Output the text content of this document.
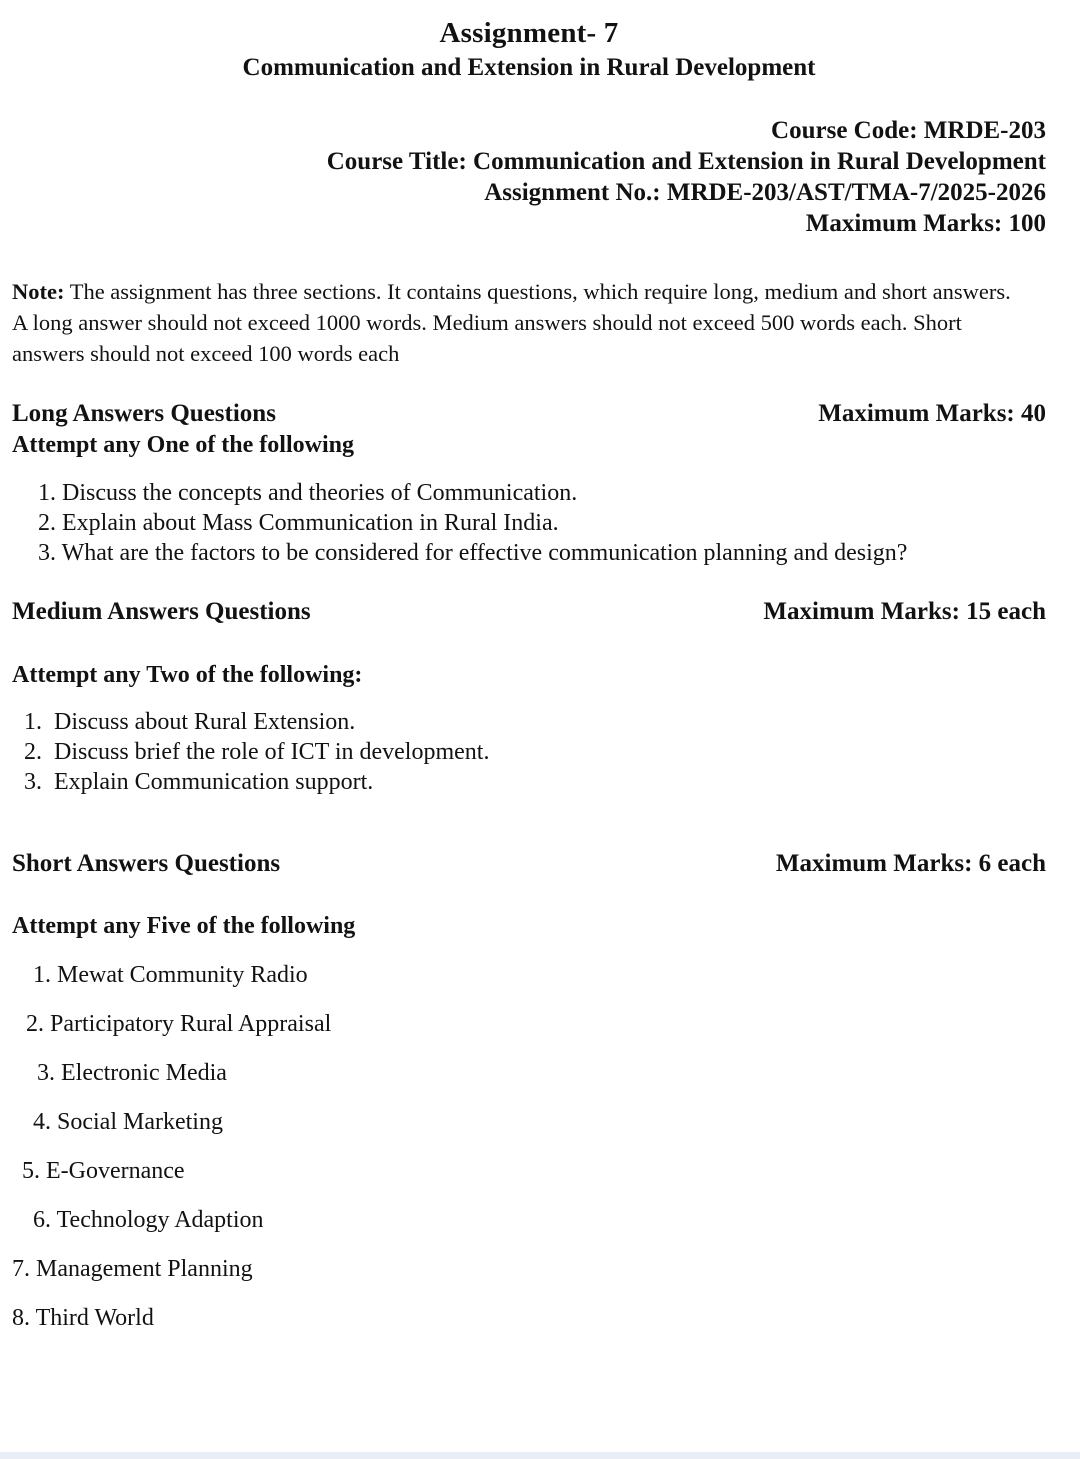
Assignment- 7
Communication and Extension in Rural Development
Course Code: MRDE-203
Course Title: Communication and Extension in Rural Development
Assignment No.: MRDE-203/AST/TMA-7/2025-2026
Maximum Marks: 100
Note: The assignment has three sections. It contains questions, which require long, medium and short answers. A long answer should not exceed 1000 words. Medium answers should not exceed 500 words each. Short answers should not exceed 100 words each
Long Answers Questions	Maximum Marks: 40
Attempt any One of the following
1. Discuss the concepts and theories of Communication.
2. Explain about Mass Communication in Rural India.
3. What are the factors to be considered for effective communication planning and design?
Medium Answers Questions	Maximum Marks: 15 each
Attempt any Two of the following:
1.  Discuss about Rural Extension.
2.  Discuss brief the role of ICT in development.
3.  Explain Communication support.
Short Answers Questions	Maximum Marks: 6 each
Attempt any Five of the following
1. Mewat Community Radio
2. Participatory Rural Appraisal
3. Electronic Media
4. Social Marketing
5. E-Governance
6. Technology Adaption
7. Management Planning
8. Third World
